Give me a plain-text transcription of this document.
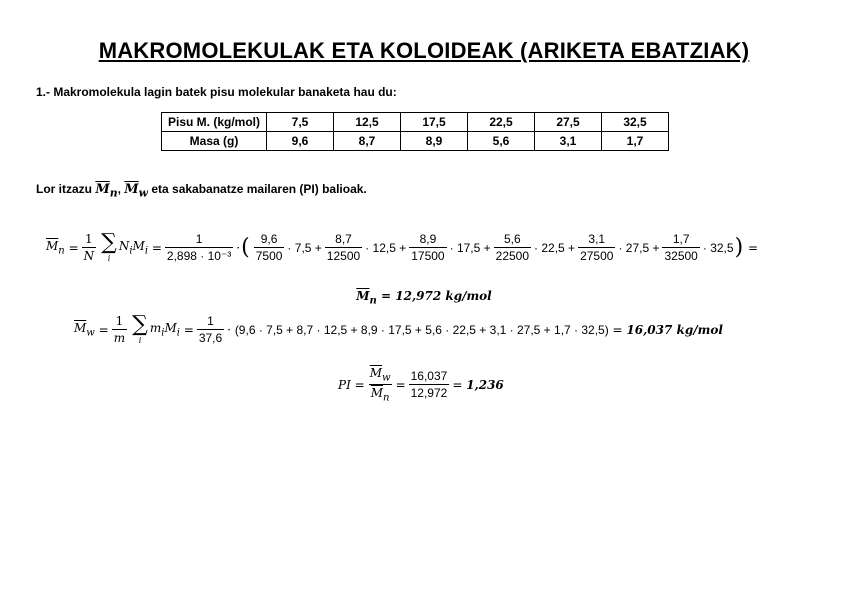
MAKROMOLEKULAK ETA KOLOIDEAK (ARIKETA EBATZIAK)
1.- Makromolekula lagin batek pisu molekular banaketa hau du:
Pisu M. (kg/mol)	7,5	12,5	17,5	22,5	27,5	32,5
Masa (g)	9,6	8,7	8,9	5,6	3,1	1,7
Lor itzazu $\overline{M}_n$, $\overline{M}_w$ eta sakabanatze mailaren (PI) balioak.
$\overline{M}_n = \frac{1}{N}$ ∑
i
$N_iM_i = \frac{1}{\text{2,898 · 10⁻³}}$ · ( $\frac{9,6}{7500} \cdot 7,5 + \frac{8,7}{12500} \cdot 12,5 + \frac{8,9}{17500} \cdot 17,5 + \frac{5,6}{22500} \cdot 22,5 + \frac{3,1}{27500} \cdot 27,5 + \frac{1,7}{32500} \cdot 32,5$ ) =
$\overline{M}_n = 12,972$ kg/mol
$\overline{M}_w = \frac{1}{m}$ ∑
i
$m_iM_i = \frac{1}{37,6} \cdot (9,6 \cdot 7,5 + 8,7 \cdot 12,5 + 8,9 \cdot 17,5 + 5,6 \cdot 22,5 + 3,1 \cdot 27,5 + 1,7 \cdot 32,5) = 16,037$ kg/mol
PI = $\frac{\overline{M}_w}{\overline{M}_n} = \frac{16,037}{12,972} = 1,236$
